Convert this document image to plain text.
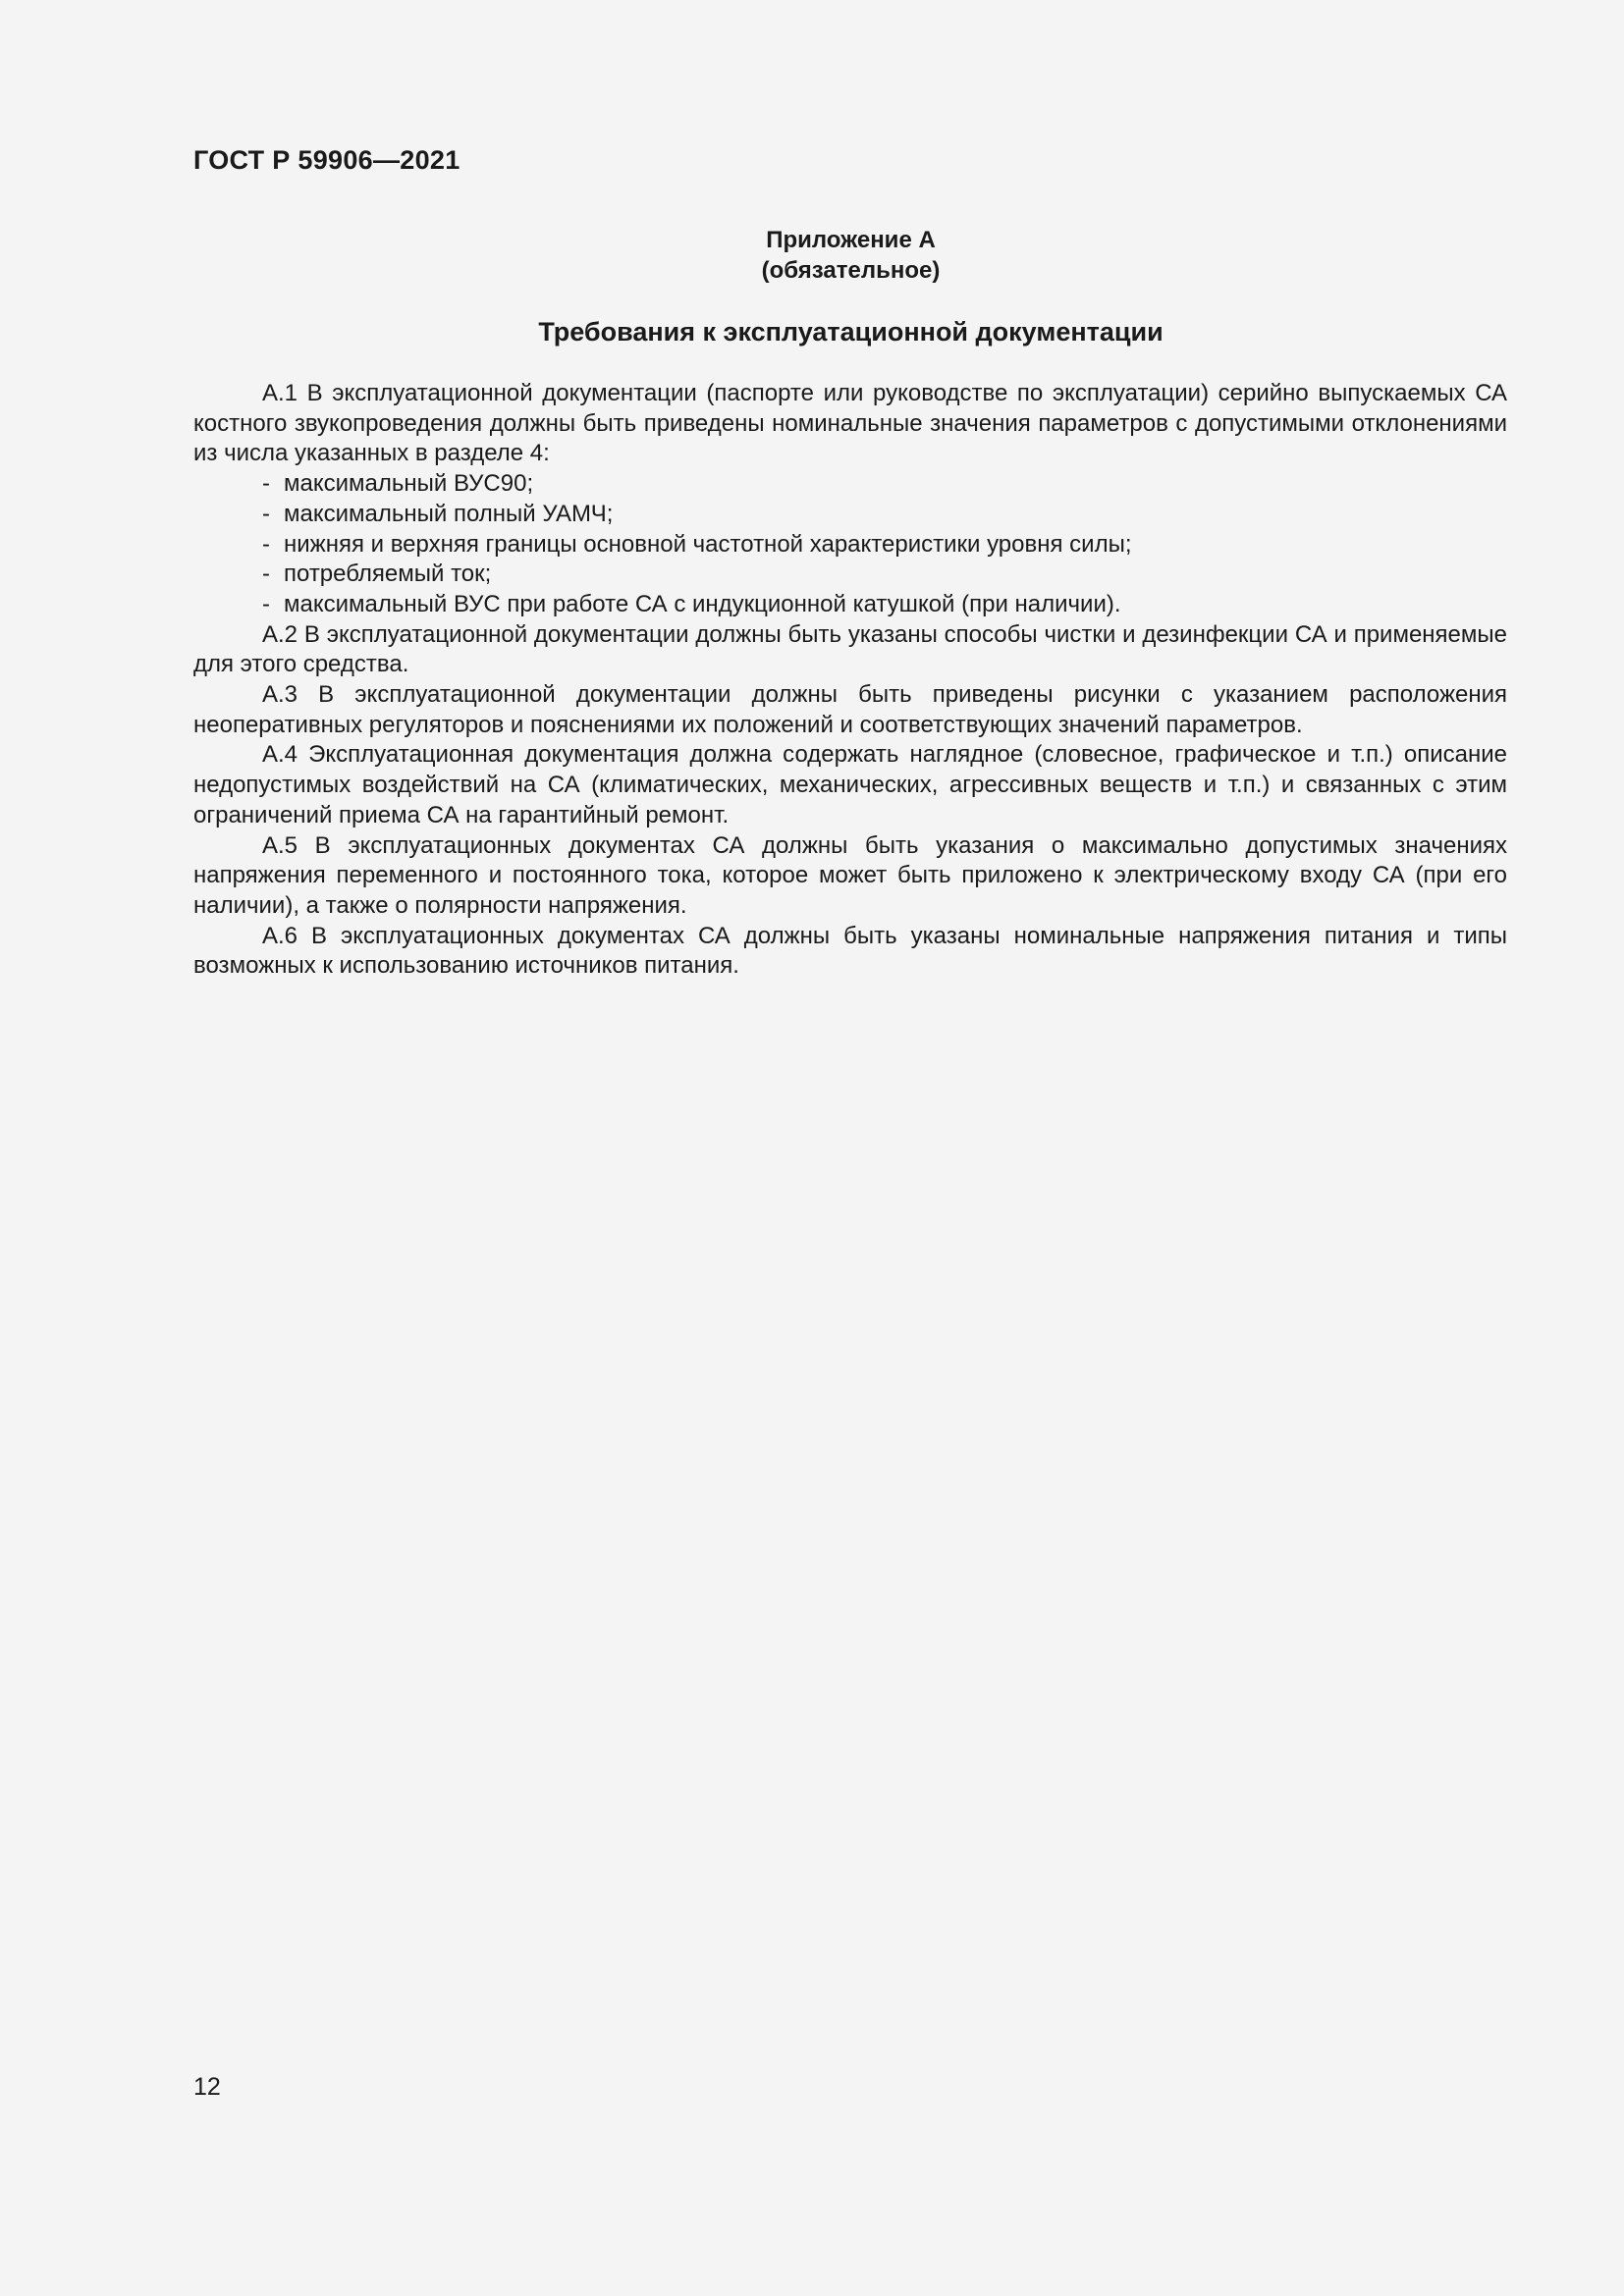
ГОСТ Р 59906—2021
Приложение А
(обязательное)
Требования к эксплуатационной документации

А.1 В эксплуатационной документации (паспорте или руководстве по эксплуатации) серийно выпускаемых СА костного звукопроведения должны быть приведены номинальные значения параметров с допустимыми отклонениями из числа указанных в разделе 4:

- максимальный ВУС90;
- максимальный полный УАМЧ;
- нижняя и верхняя границы основной частотной характеристики уровня силы;
- потребляемый ток;
- максимальный ВУС при работе СА с индукционной катушкой (при наличии).

А.2 В эксплуатационной документации должны быть указаны способы чистки и дезинфекции СА и применяемые для этого средства.

А.3 В эксплуатационной документации должны быть приведены рисунки с указанием расположения неоперативных регуляторов и пояснениями их положений и соответствующих значений параметров.

А.4 Эксплуатационная документация должна содержать наглядное (словесное, графическое и т.п.) описание недопустимых воздействий на СА (климатических, механических, агрессивных веществ и т.п.) и связанных с этим ограничений приема СА на гарантийный ремонт.

А.5 В эксплуатационных документах СА должны быть указания о максимально допустимых значениях напряжения переменного и постоянного тока, которое может быть приложено к электрическому входу СА (при его наличии), а также о полярности напряжения.

А.6 В эксплуатационных документах СА должны быть указаны номинальные напряжения питания и типы возможных к использованию источников питания.

12
